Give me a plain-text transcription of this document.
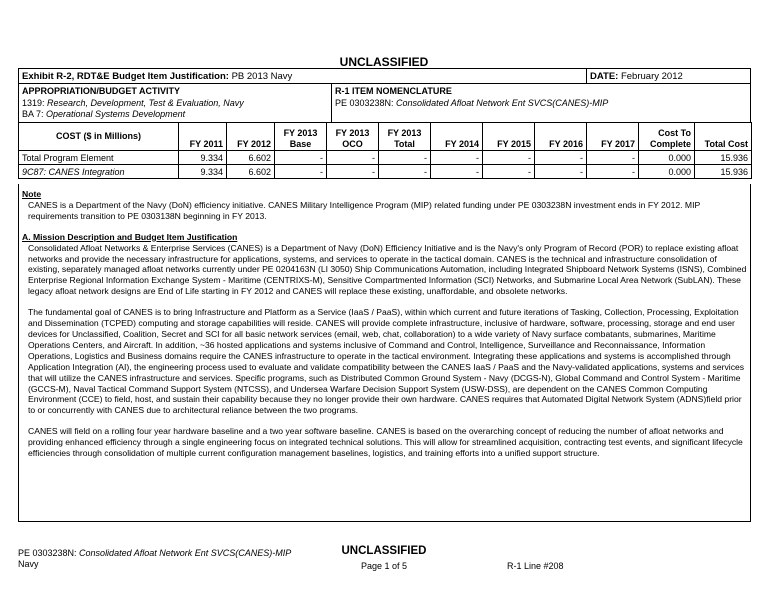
UNCLASSIFIED
Exhibit R-2, RDT&E Budget Item Justification: PB 2013 Navy	DATE: February 2012
APPROPRIATION/BUDGET ACTIVITY
1319: Research, Development, Test & Evaluation, Navy
BA 7: Operational Systems Development
R-1 ITEM NOMENCLATURE
PE 0303238N: Consolidated Afloat Network Ent SVCS(CANES)-MIP
COST ($ in Millions)	FY 2011	FY 2012	FY 2013 Base	FY 2013 OCO	FY 2013 Total	FY 2014	FY 2015	FY 2016	FY 2017	Cost To Complete	Total Cost
Total Program Element	9.334	6.602	-	-	-	-	-	-	-	0.000	15.936
9C87: CANES Integration	9.334	6.602	-	-	-	-	-	-	-	0.000	15.936
Note

CANES is a Department of the Navy (DoN) efficiency initiative. CANES Military Intelligence Program (MIP) related funding under PE 0303238N investment ends in FY 2012. MIP requirements transition to PE 0303138N beginning in FY 2013.

A. Mission Description and Budget Item Justification

Consolidated Afloat Networks & Enterprise Services (CANES) is a Department of Navy (DoN) Efficiency Initiative and is the Navy's only Program of Record (POR) to replace existing afloat networks and provide the necessary infrastructure for applications, systems, and services to operate in the tactical domain. CANES is the technical and infrastructure consolidation of existing, separately managed afloat networks currently under PE 0204163N (LI 3050) Ship Communications Automation, including Integrated Shipboard Network Systems (ISNS), Combined Enterprise Regional Information Exchange System - Maritime (CENTRIXS-M), Sensitive Compartmented Information (SCI) Networks, and Submarine Local Area Network (SubLAN). These legacy afloat network designs are End of Life starting in FY 2012 and CANES will replace these existing, unaffordable, and obsolete networks.

The fundamental goal of CANES is to bring Infrastructure and Platform as a Service (IaaS / PaaS), within which current and future iterations of Tasking, Collection, Processing, Exploitation and Dissemination (TCPED) computing and storage capabilities will reside. CANES will provide complete infrastructure, inclusive of hardware, software, processing, storage and end user devices for Unclassified, Coalition, Secret and SCI for all basic network services (email, web, chat, collaboration) to a wide variety of Navy surface combatants, submarines, Maritime Operations Centers, and Aircraft. In addition, ~36 hosted applications and systems inclusive of Command and Control, Intelligence, Surveillance and Reconnaissance, Information Operations, Logistics and Business domains require the CANES infrastructure to operate in the tactical environment. Integrating these applications and systems is accomplished through Application Integration (AI), the engineering process used to evaluate and validate compatibility between the CANES IaaS / PaaS and the Navy-validated applications, systems and services that will utilize the CANES infrastructure and services. Specific programs, such as Distributed Common Ground System - Navy (DCGS-N), Global Command and Control System - Maritime (GCCS-M), Naval Tactical Command Support System (NTCSS), and Undersea Warfare Decision Support System (USW-DSS), are dependent on the CANES Common Computing Environment (CCE) to field, host, and sustain their capability because they no longer provide their own hardware. CANES requires that Automated Digital Network System (ADNS)field prior to or concurrently with CANES due to architectural reliance between the two programs.

CANES will field on a rolling four year hardware baseline and a two year software baseline. CANES is based on the overarching concept of reducing the number of afloat networks and providing enhanced efficiency through a single engineering focus on integrated technical solutions. This will allow for streamlined acquisition, contracting test events, and significant lifecycle efficiencies through consolidation of multiple current configuration management baselines, logistics, and training efforts into a unified support structure.

PE 0303238N: Consolidated Afloat Network Ent SVCS(CANES)-MIP
Navy
UNCLASSIFIED
Page 1 of 5	R-1 Line #208
